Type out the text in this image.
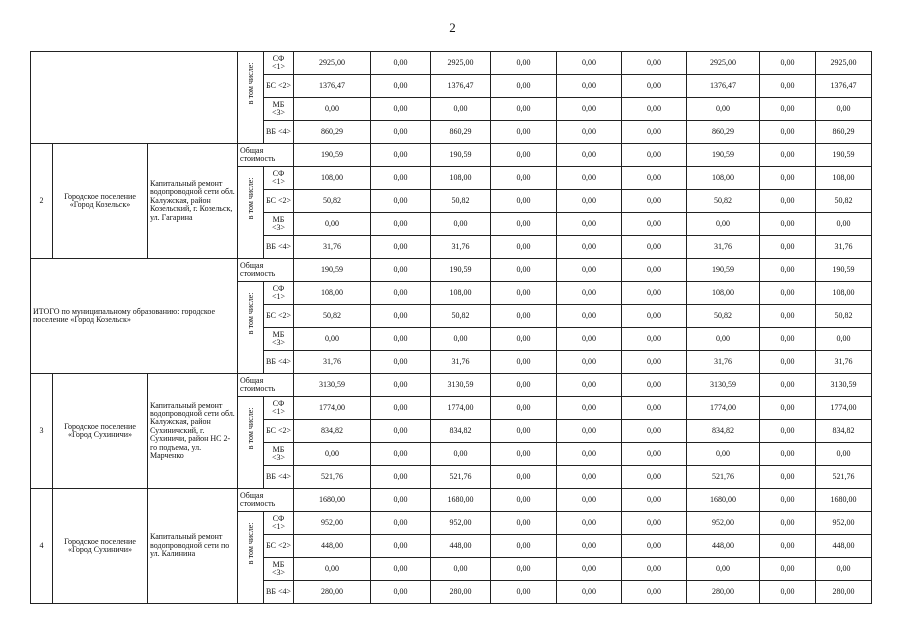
2

			в том числе:	СФ <1>	2925,00	0,00	2925,00	0,00	0,00	0,00	2925,00	0,00	2925,00
				БС <2>	1376,47	0,00	1376,47	0,00	0,00	0,00	1376,47	0,00	1376,47
				МБ <3>	0,00	0,00	0,00	0,00	0,00	0,00	0,00	0,00	0,00
				ВБ <4>	860,29	0,00	860,29	0,00	0,00	0,00	860,29	0,00	860,29
2	Городское поселение «Город Козельск»	Капитальный ремонт водопроводной сети обл. Калужская, район Козельский, г. Козельск, ул. Гагарина	Общая стоимость		190,59	0,00	190,59	0,00	0,00	0,00	190,59	0,00	190,59

			в том числе:	СФ <1>	108,00	0,00	108,00	0,00	0,00	0,00	108,00	0,00	108,00
				БС <2>	50,82	0,00	50,82	0,00	0,00	0,00	50,82	0,00	50,82
				МБ <3>	0,00	0,00	0,00	0,00	0,00	0,00	0,00	0,00	0,00
				ВБ <4>	31,76	0,00	31,76	0,00	0,00	0,00	31,76	0,00	31,76
ИТОГО по муниципальному образованию: городское поселение «Город Козельск»			Общая стоимость		190,59	0,00	190,59	0,00	0,00	0,00	190,59	0,00	190,59

			в том числе:	СФ <1>	108,00	0,00	108,00	0,00	0,00	0,00	108,00	0,00	108,00
				БС <2>	50,82	0,00	50,82	0,00	0,00	0,00	50,82	0,00	50,82
				МБ <3>	0,00	0,00	0,00	0,00	0,00	0,00	0,00	0,00	0,00
				ВБ <4>	31,76	0,00	31,76	0,00	0,00	0,00	31,76	0,00	31,76
3	Городское поселение «Город Сухиничи»	Капитальный ремонт водопроводной сети обл. Калужская, район Сухиничский, г. Сухиничи, район НС 2-го подъема, ул. Марченко	Общая стоимость		3130,59	0,00	3130,59	0,00	0,00	0,00	3130,59	0,00	3130,59

			в том числе:	СФ <1>	1774,00	0,00	1774,00	0,00	0,00	0,00	1774,00	0,00	1774,00
				БС <2>	834,82	0,00	834,82	0,00	0,00	0,00	834,82	0,00	834,82
				МБ <3>	0,00	0,00	0,00	0,00	0,00	0,00	0,00	0,00	0,00
				ВБ <4>	521,76	0,00	521,76	0,00	0,00	0,00	521,76	0,00	521,76
4	Городское поселение «Город Сухиничи»	Капитальный ремонт водопроводной сети по ул. Калинина	Общая стоимость		1680,00	0,00	1680,00	0,00	0,00	0,00	1680,00	0,00	1680,00

			в том числе:	СФ <1>	952,00	0,00	952,00	0,00	0,00	0,00	952,00	0,00	952,00
				БС <2>	448,00	0,00	448,00	0,00	0,00	0,00	448,00	0,00	448,00
				МБ <3>	0,00	0,00	0,00	0,00	0,00	0,00	0,00	0,00	0,00
				ВБ <4>	280,00	0,00	280,00	0,00	0,00	0,00	280,00	0,00	280,00
